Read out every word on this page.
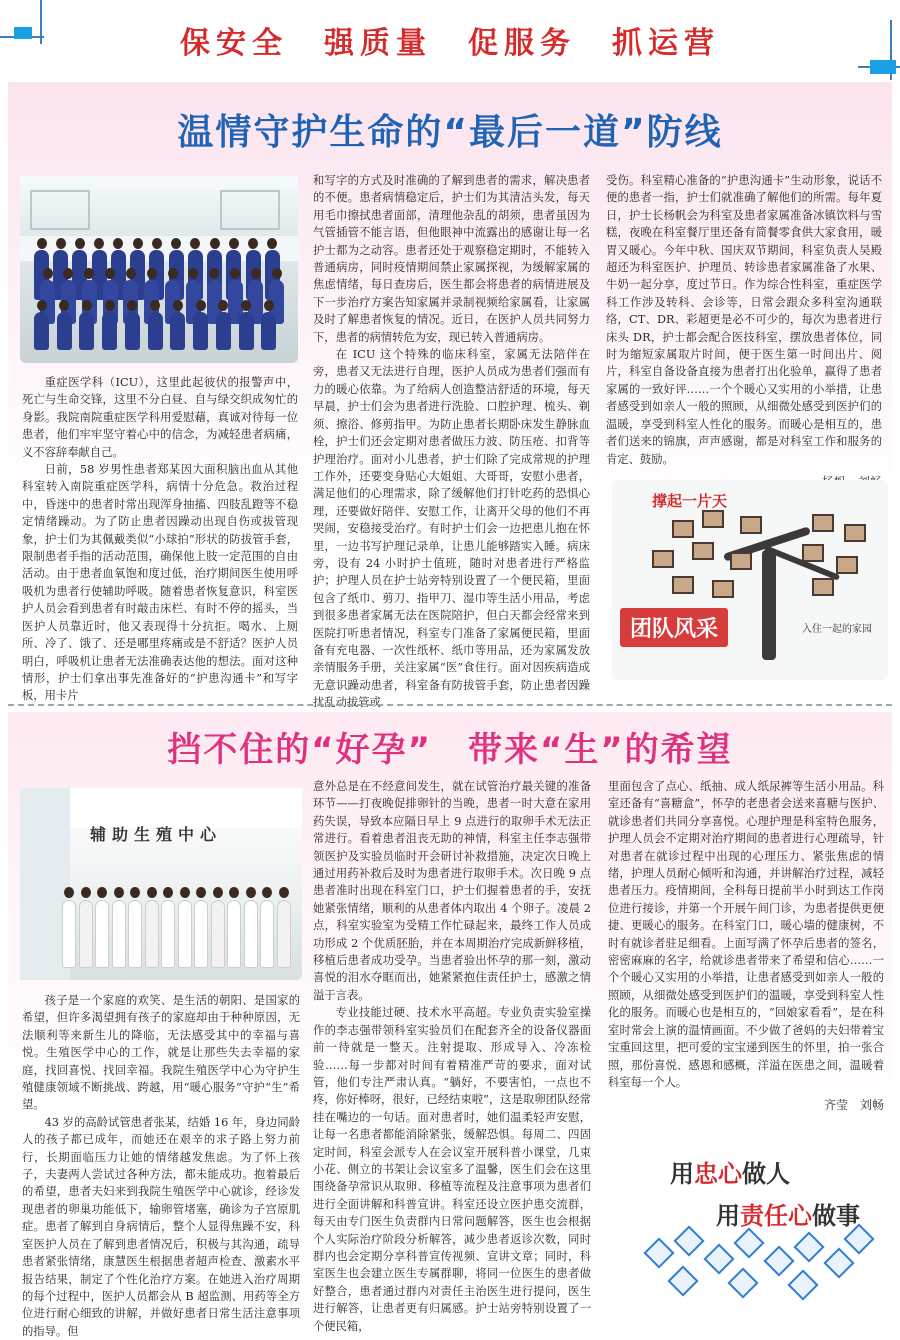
保安全　强质量　促服务　抓运营
温情守护生命的“最后一道”防线

重症医学科（ICU），这里此起彼伏的报警声中，死亡与生命交锋，这里不分白昼、自与绿交织成匆忙的身影。我院南院重症医学科用爱慰藉，真诚对待每一位患者，他们牢牢坚守着心中的信念，为减轻患者病痛，义不容辞奉献自己。

日前，58 岁男性患者郑某因大面积脑出血从其他科室转入南院重症医学科，病情十分危急。救治过程中，昏迷中的患者时常出现浑身抽搐、四肢乱蹬等不稳定情绪躁动。为了防止患者因躁动出现自伤或拔管现象，护士们为其佩戴类似“小球拍”形状的防拔管手套，限制患者手指的活动范围，确保他上肢一定范围的自由活动。由于患者血氧饱和度过低，治疗期间医生使用呼吸机为患者行使辅助呼吸。随着患者恢复意识，科室医护人员会看到患者有时敲击床栏、有时不停的摇头，当医护人员靠近时，他又表现得十分抗拒。喝水、上厕所、冷了、饿了、还是哪里疼痛或是不舒适？医护人员明白，呼吸机让患者无法准确表达他的想法。面对这种情形，护士们拿出事先准备好的“护患沟通卡”和写字板，用卡片

和写字的方式及时准确的了解到患者的需求，解决患者的不便。患者病情稳定后，护士们为其清洁头发，每天用毛巾擦拭患者面部，清理他杂乱的胡须，患者虽因为气管插管不能言语，但他眼神中流露出的感谢让每一名护士都为之动容。患者还处于观察稳定期时，不能转入普通病房，同时疫情期间禁止家属探视，为缓解家属的焦虑情绪，每日查房后，医生都会将患者的病情进展及下一步治疗方案告知家属并录制视频给家属看，让家属及时了解患者恢复的情况。近日，在医护人员共同努力下，患者的病情转危为安，现已转入普通病房。

在 ICU 这个特殊的临床科室，家属无法陪伴在旁，患者又无法进行自理，医护人员成为患者们强而有力的暖心依靠。为了给病人创造整洁舒适的环境，每天早晨，护士们会为患者进行洗脸、口腔护理、梳头、剃须、擦浴、修剪指甲。为防止患者长期卧床发生静脉血栓，护士们还会定期对患者做压力波、防压疮、扣背等护理治疗。面对小儿患者，护士们除了完成常规的护理工作外，还要变身贴心大姐姐、大哥哥，安慰小患者，满足他们的心理需求，除了缓解他们打针吃药的恐惧心理，还要做好陪伴、安慰工作，让离开父母的他们不再哭闹，安稳接受治疗。有时护士们会一边把患儿抱在怀里，一边书写护理记录单，让患儿能够踏实入睡。病床旁，设有 24 小时护士值班，随时对患者进行严格监护；护理人员在护士站旁特别设置了一个便民箱，里面包含了纸巾、剪刀、指甲刀、湿巾等生活小用品，考虑到很多患者家属无法在医院陪护，但白天都会经常来到医院打听患者情况，科室专门准备了家属便民箱，里面备有充电器、一次性纸杯、纸巾等用品，还为家属发放亲情服务手册，关注家属“医”食住行。面对因疾病造成无意识躁动患者，科室备有防拔管手套，防止患者因躁扰乱动拔管或

受伤。科室精心准备的“护患沟通卡”生动形象，说话不便的患者一指，护士们就准确了解他们的所需。每年夏日，护士长杨帆会为科室及患者家属准备冰镇饮料与雪糕，夜晚在科室餐厅里还备有简餐零食供大家食用，暖胃又暖心。今年中秋、国庆双节期间，科室负责人吴殿超还为科室医护、护理员、转诊患者家属准备了水果、牛奶一起分享，度过节日。作为综合性科室，重症医学科工作涉及转科、会诊等，日常会跟众多科室沟通联络，CT、DR、彩超更是必不可少的，每次为患者进行床头 DR，护士都会配合医技科室，摆放患者体位，同时为缩短家属取片时间，便于医生第一时间出片、阅片，科室自备设备直接为患者打出化验单，赢得了患者家属的一致好评……一个个暖心又实用的小举措，让患者感受到如亲人一般的照顾，从细微处感受到医护们的温暖，享受到科室人性化的服务。而暖心是相互的，患者们送来的锦旗，声声感谢，都是对科室工作和服务的肯定、鼓励。

撑起一片天
团队风采	入住一起的家园
挡不住的“好孕”　带来“生”的希望
辅助生殖中心

孩子是一个家庭的欢笑、是生活的朝阳、是国家的希望，但许多渴望拥有孩子的家庭却由于种种原因，无法顺利等来新生儿的降临，无法感受其中的幸福与喜悦。生殖医学中心的工作，就是让那些失去幸福的家庭，找回喜悦、找回幸福。我院生殖医学中心为守护生殖健康领域不断挑战、跨越，用“暖心服务”守护“生”希望。

43 岁的高龄试管患者张某，结婚 16 年，身边同龄人的孩子都已成年，而她还在艰辛的求子路上努力前行，长期面临压力让她的情绪越发焦虑。为了怀上孩子，夫妻两人尝试过各种方法，都未能成功。抱着最后的希望，患者夫妇来到我院生殖医学中心就诊，经诊发现患者的卵巢功能低下，输卵管堵塞，确诊为子宫原肌症。患者了解到自身病情后，整个人显得焦躁不安，科室医护人员在了解到患者情况后，积极与其沟通，疏导患者紧张情绪，康慧医生根据患者超声检查、激素水平报告结果，制定了个性化治疗方案。在她进入治疗周期的每个过程中，医护人员都会从 B 超监测、用药等全方位进行耐心细致的讲解，并做好患者日常生活注意事项的指导。但

意外总是在不经意间发生，就在试管治疗最关键的准备环节——打夜晚促排卵针的当晚，患者一时大意在家用药失误，导致本应隔日早上 9 点进行的取卵手术无法正常进行。看着患者沮丧无助的神情，科室主任李志强带领医护及实验员临时开会研讨补救措施，决定次日晚上通过用药补救后及时为患者进行取卵手术。次日晚 9 点患者准时出现在科室门口，护士们握着患者的手，安抚她紧张情绪，顺利的从患者体内取出 4 个卵子。凌晨 2 点，科室实验室为受精工作忙碌起来，最终工作人员成功形成 2 个优质胚胎，并在本周期治疗完成新鲜移植，移植后患者成功受孕。当患者验出怀孕的那一刻，激动喜悦的泪水夺眶而出，她紧紧抱住责任护士，感激之情溢于言表。

专业技能过硬、技术水平高超。专业负责实验室操作的李志强带领科室实验员们在配套齐全的设备仪器面前一待就是一整天。注射提取、形成导入、冷冻检验……每一步都对时间有着精准严苛的要求，面对试管，他们专注严肃认真。“躺好，不要害怕，一点也不疼，你好棒呀，很好，已经结束啦”，这是取卵团队经常挂在嘴边的一句话。面对患者时，她们温柔轻声安慰，让每一名患者都能消除紧张，缓解恐惧。每周二、四固定时间，科室会派专人在会议室开展科普小课堂，几束小花、侧立的书架让会议室多了温馨，医生们会在这里围绕备孕常识从取卵、移植等流程及注意事项为患者们进行全面讲解和科普宣讲。科室还设立医护患交流群，每天由专门医生负责群内日常问题解答，医生也会根据个人实际治疗阶段分析解答，减少患者返诊次数，同时群内也会定期分享科普宣传视频、宣讲文章；同时，科室医生也会建立医生专属群聊，将同一位医生的患者做好整合，患者通过群内对责任主治医生进行提问，医生进行解答，让患者更有归属感。护士站旁特别设置了一个便民箱，

里面包含了点心、纸抽、成人纸尿裤等生活小用品。科室还备有“喜糖盒”，怀孕的老患者会送来喜糖与医护、就诊患者们共同分享喜悦。心理护理是科室特色服务，护理人员会不定期对治疗期间的患者进行心理疏导，针对患者在就诊过程中出现的心理压力、紧张焦虑的情绪，护理人员耐心倾听和沟通，并讲解治疗过程，减轻患者压力。疫情期间，全科每日提前半小时到达工作岗位进行接诊，并第一个开展午间门诊，为患者提供更便捷、更暖心的服务。在科室门口，暖心墙的健康树，不时有就诊者驻足细看。上面写满了怀孕后患者的签名，密密麻麻的名字，给就诊患者带来了希望和信心……一个个暖心又实用的小举措，让患者感受到如亲人一般的照顾，从细微处感受到医护们的温暖，享受到科室人性化的服务。而暖心也是相互的，“回娘家看看”，是在科室时常会上演的温情画面。不少做了爸妈的夫妇带着宝宝重回这里，把可爱的宝宝递到医生的怀里，拍一张合照，那份喜悦、感恩和感概，洋溢在医患之间，温暖着科室每一个人。

齐莹　刘畅
用忠心做人
用责任心做事
